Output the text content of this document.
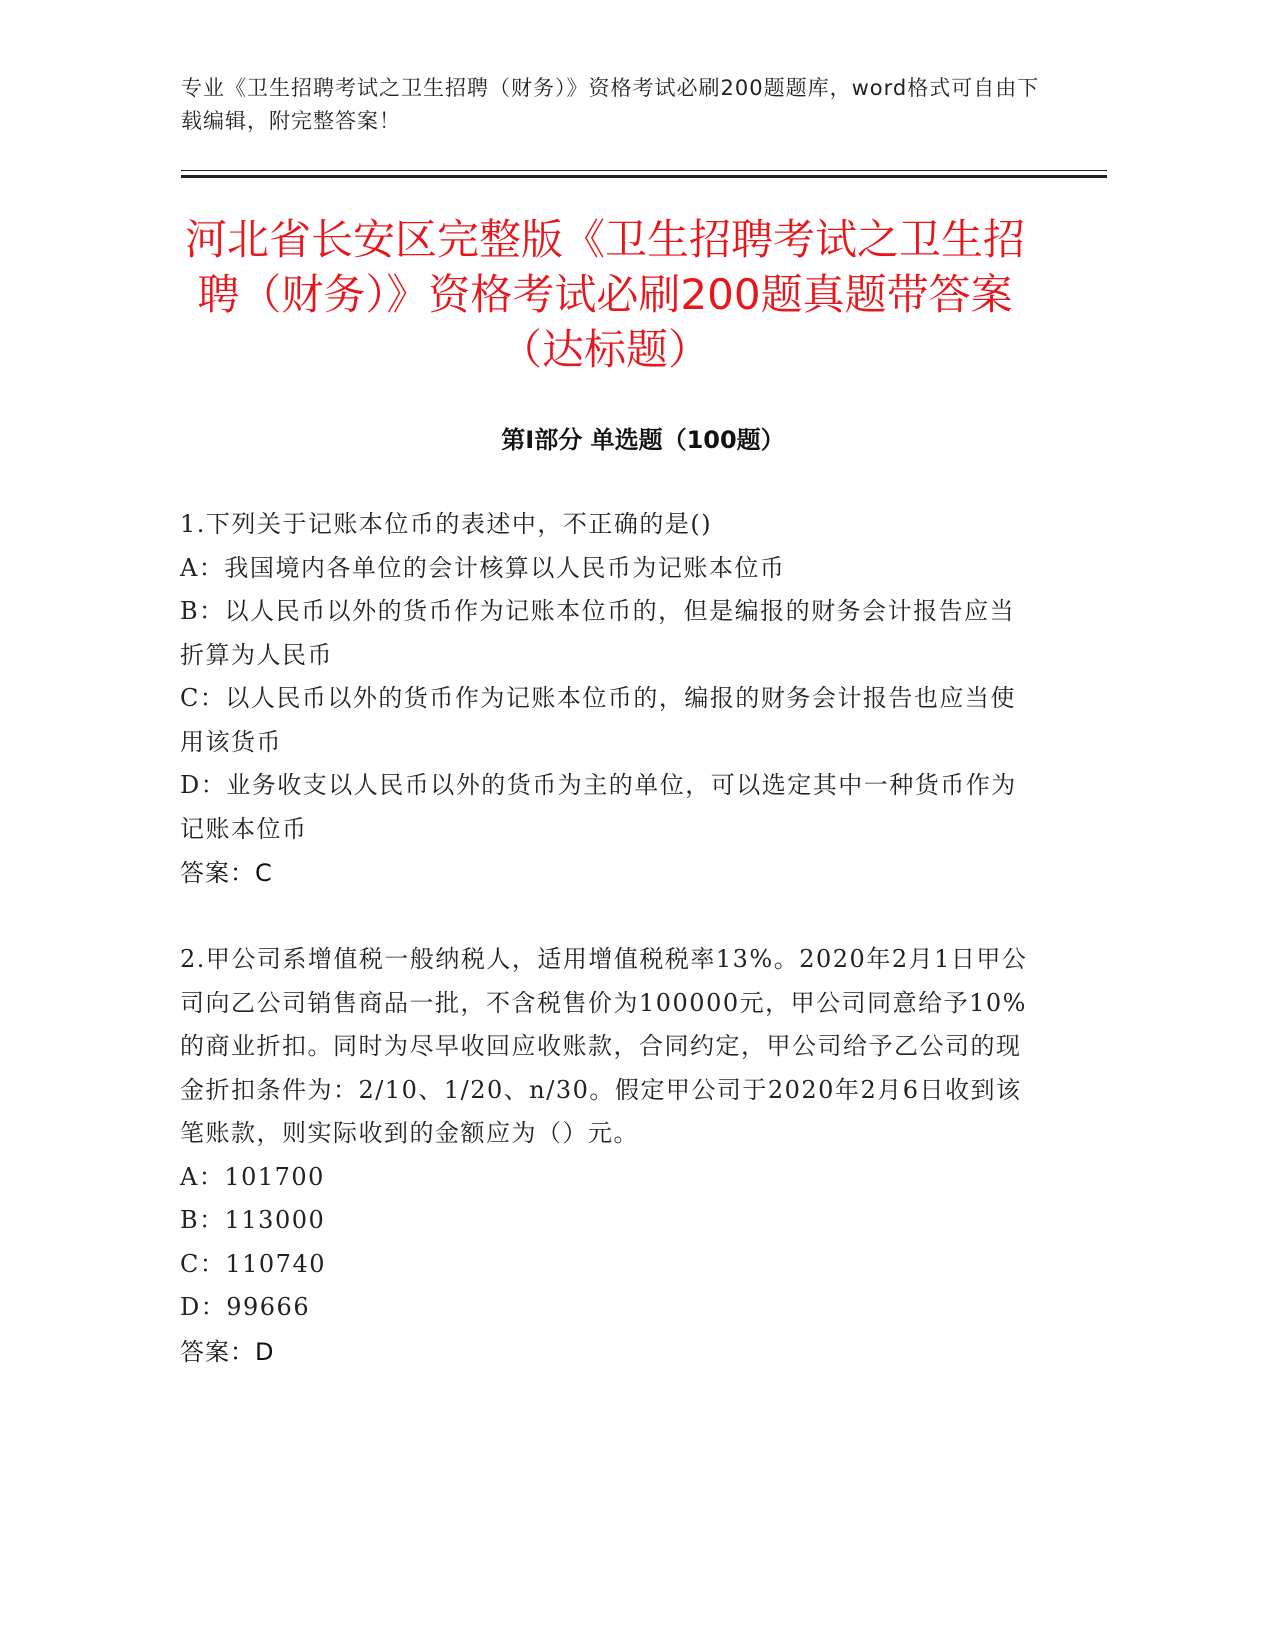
专业《卫生招聘考试之卫生招聘（财务）》资格考试必刷200题题库，word格式可自由下载编辑，附完整答案！
河北省长安区完整版《卫生招聘考试之卫生招聘（财务）》资格考试必刷200题真题带答案（达标题）
第Ⅰ部分 单选题（100题）
1.下列关于记账本位币的表述中，不正确的是()
A：我国境内各单位的会计核算以人民币为记账本位币
B：以人民币以外的货币作为记账本位币的，但是编报的财务会计报告应当折算为人民币
C：以人民币以外的货币作为记账本位币的，编报的财务会计报告也应当使用该货币
D：业务收支以人民币以外的货币为主的单位，可以选定其中一种货币作为记账本位币
答案：C
2.甲公司系增值税一般纳税人，适用增值税税率13%。2020年2月1日甲公司向乙公司销售商品一批，不含税售价为100000元，甲公司同意给予10%的商业折扣。同时为尽早收回应收账款，合同约定，甲公司给予乙公司的现金折扣条件为：2/10、1/20、n/30。假定甲公司于2020年2月6日收到该笔账款，则实际收到的金额应为（）元。
A：101700
B：113000
C：110740
D：99666
答案：D
